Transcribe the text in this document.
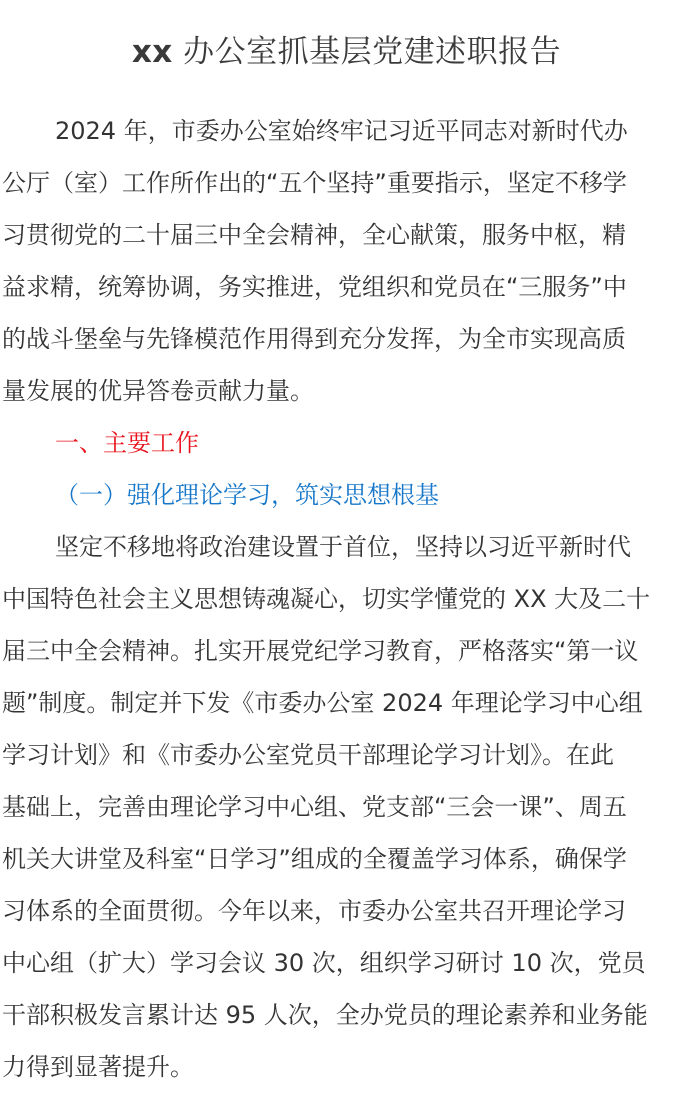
xx 办公室抓基层党建述职报告
2024 年，市委办公室始终牢记习近平同志对新时代办
公厅（室）工作所作出的“五个坚持”重要指示，坚定不移学
习贯彻党的二十届三中全会精神，全心献策，服务中枢，精
益求精，统筹协调，务实推进，党组织和党员在“三服务”中
的战斗堡垒与先锋模范作用得到充分发挥，为全市实现高质
量发展的优异答卷贡献力量。
一、主要工作
（一）强化理论学习，筑实思想根基
坚定不移地将政治建设置于首位，坚持以习近平新时代
中国特色社会主义思想铸魂凝心，切实学懂党的 XX 大及二十
届三中全会精神。扎实开展党纪学习教育，严格落实“第一议
题”制度。制定并下发《市委办公室 2024 年理论学习中心组
学习计划》和《市委办公室党员干部理论学习计划》。在此
基础上，完善由理论学习中心组、党支部“三会一课”、周五
机关大讲堂及科室“日学习”组成的全覆盖学习体系，确保学
习体系的全面贯彻。今年以来，市委办公室共召开理论学习
中心组（扩大）学习会议 30 次，组织学习研讨 10 次，党员
干部积极发言累计达 95 人次，全办党员的理论素养和业务能
力得到显著提升。
